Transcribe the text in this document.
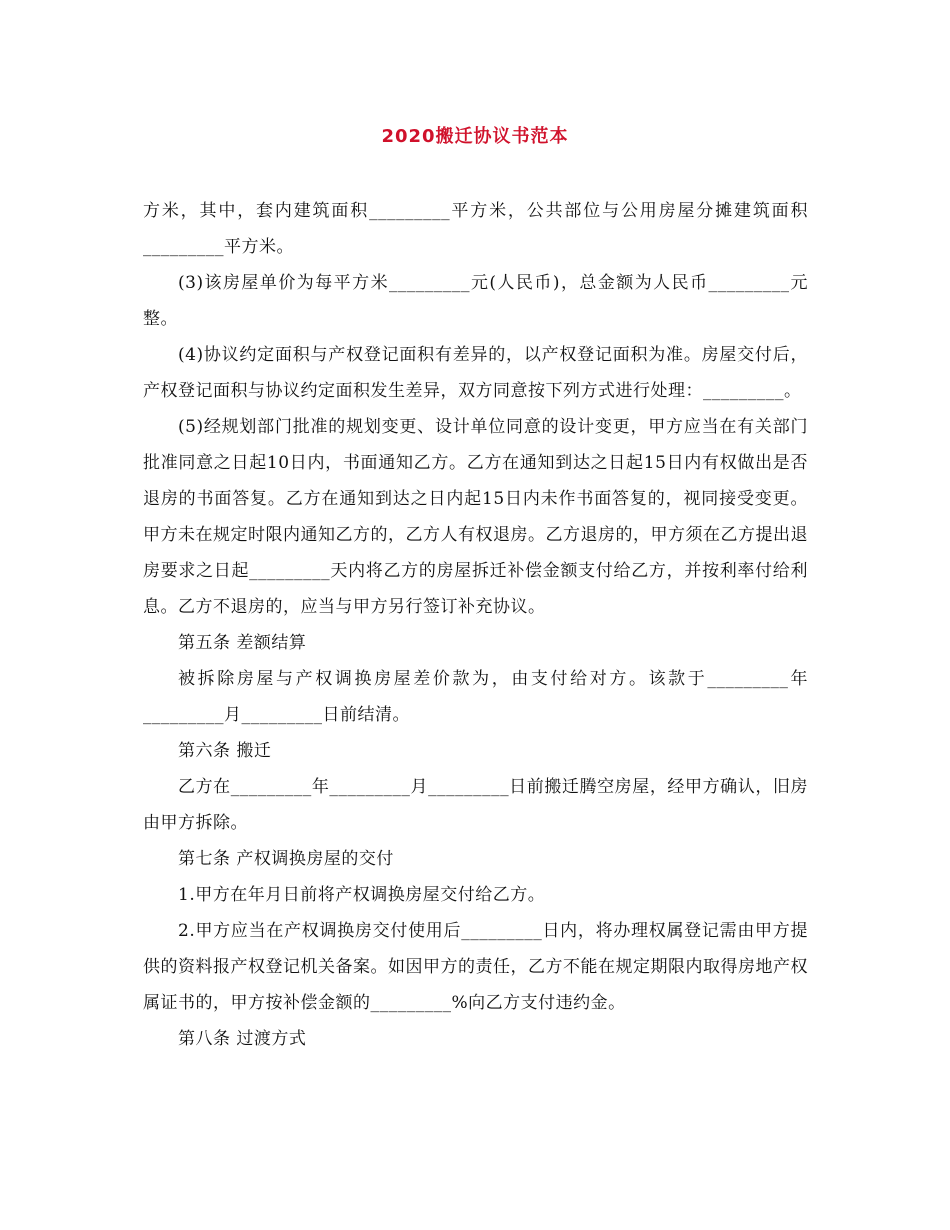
2020搬迁协议书范本

方米，其中，套内建筑面积_________平方米，公共部位与公用房屋分摊建筑面积_________平方米。

(3)该房屋单价为每平方米_________元(人民币)，总金额为人民币_________元整。

(4)协议约定面积与产权登记面积有差异的，以产权登记面积为准。房屋交付后，产权登记面积与协议约定面积发生差异，双方同意按下列方式进行处理：_________。

(5)经规划部门批准的规划变更、设计单位同意的设计变更，甲方应当在有关部门批准同意之日起10日内，书面通知乙方。乙方在通知到达之日起15日内有权做出是否退房的书面答复。乙方在通知到达之日内起15日内未作书面答复的，视同接受变更。甲方未在规定时限内通知乙方的，乙方人有权退房。乙方退房的，甲方须在乙方提出退房要求之日起_________天内将乙方的房屋拆迁补偿金额支付给乙方，并按利率付给利息。乙方不退房的，应当与甲方另行签订补充协议。

第五条 差额结算

被拆除房屋与产权调换房屋差价款为，由支付给对方。该款于_________年_________月_________日前结清。

第六条 搬迁

乙方在_________年_________月_________日前搬迁腾空房屋，经甲方确认，旧房由甲方拆除。

第七条 产权调换房屋的交付

1.甲方在年月日前将产权调换房屋交付给乙方。

2.甲方应当在产权调换房交付使用后_________日内，将办理权属登记需由甲方提供的资料报产权登记机关备案。如因甲方的责任，乙方不能在规定期限内取得房地产权属证书的，甲方按补偿金额的_________%向乙方支付违约金。

第八条 过渡方式
